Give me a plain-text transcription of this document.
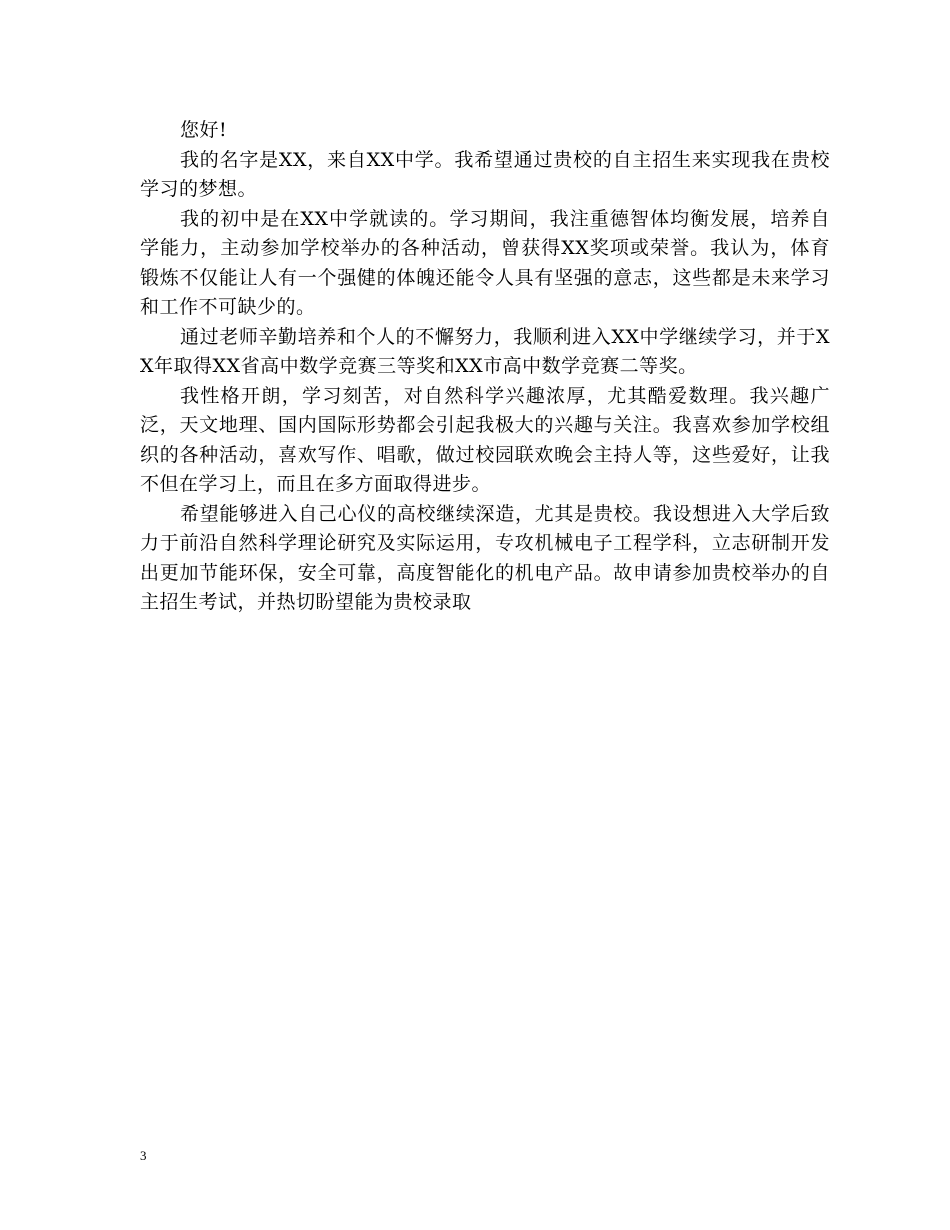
您好!

我的名字是XX，来自XX中学。我希望通过贵校的自主招生来实现我在贵校学习的梦想。

我的初中是在XX中学就读的。学习期间，我注重德智体均衡发展，培养自学能力，主动参加学校举办的各种活动，曾获得XX奖项或荣誉。我认为，体育锻炼不仅能让人有一个强健的体魄还能令人具有坚强的意志，这些都是未来学习和工作不可缺少的。

通过老师辛勤培养和个人的不懈努力，我顺利进入XX中学继续学习，并于XX年取得XX省高中数学竞赛三等奖和XX市高中数学竞赛二等奖。

我性格开朗，学习刻苦，对自然科学兴趣浓厚，尤其酷爱数理。我兴趣广泛，天文地理、国内国际形势都会引起我极大的兴趣与关注。我喜欢参加学校组织的各种活动，喜欢写作、唱歌，做过校园联欢晚会主持人等，这些爱好，让我不但在学习上，而且在多方面取得进步。

希望能够进入自己心仪的高校继续深造，尤其是贵校。我设想进入大学后致力于前沿自然科学理论研究及实际运用，专攻机械电子工程学科，立志研制开发出更加节能环保，安全可靠，高度智能化的机电产品。故申请参加贵校举办的自主招生考试，并热切盼望能为贵校录取

3
